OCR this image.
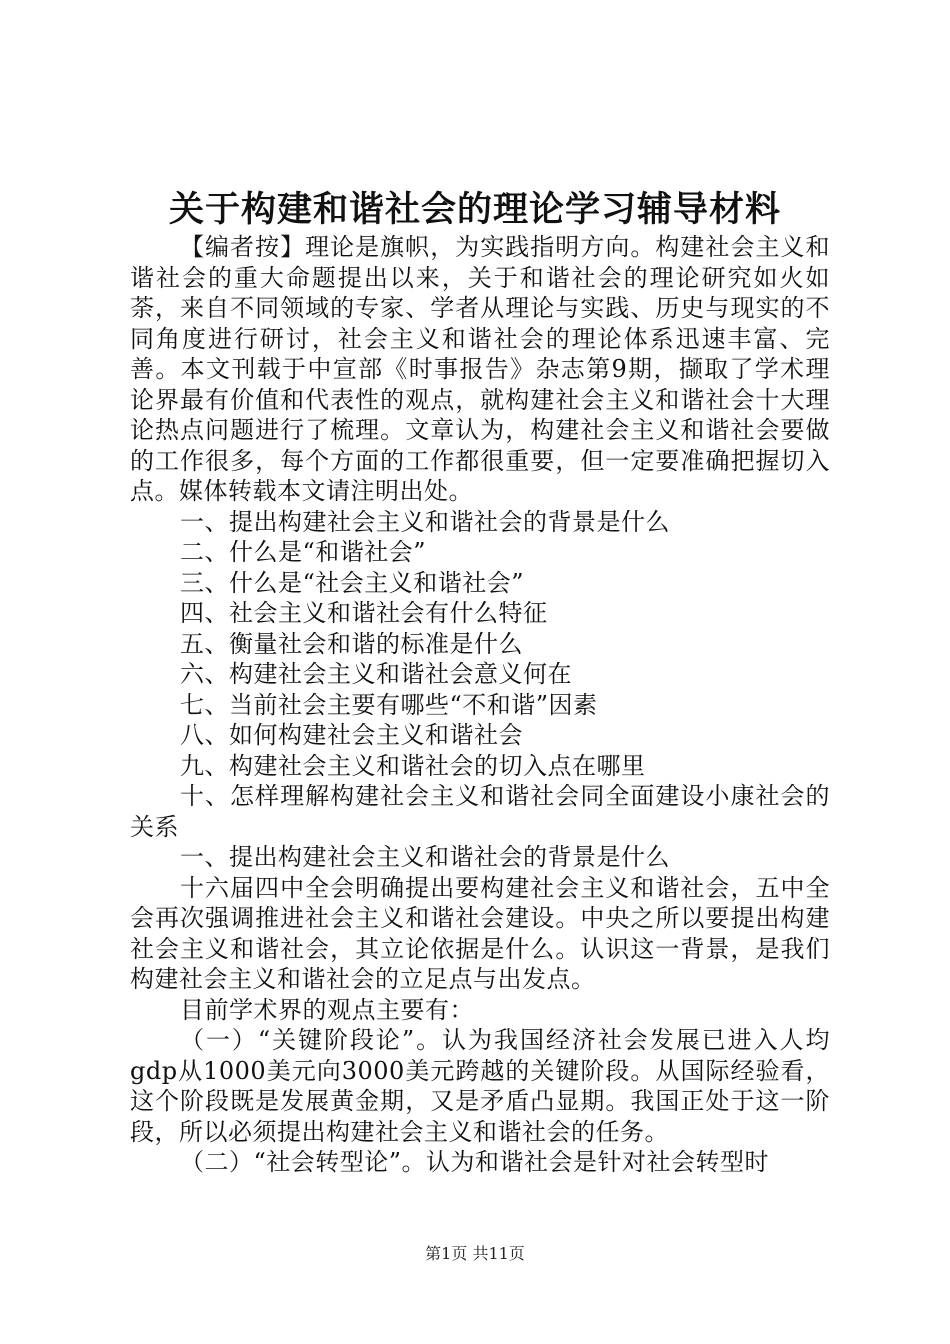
关于构建和谐社会的理论学习辅导材料

【编者按】理论是旗帜，为实践指明方向。构建社会主义和谐社会的重大命题提出以来，关于和谐社会的理论研究如火如荼，来自不同领域的专家、学者从理论与实践、历史与现实的不同角度进行研讨，社会主义和谐社会的理论体系迅速丰富、完善。本文刊载于中宣部《时事报告》杂志第9期，撷取了学术理论界最有价值和代表性的观点，就构建社会主义和谐社会十大理论热点问题进行了梳理。文章认为，构建社会主义和谐社会要做的工作很多，每个方面的工作都很重要，但一定要准确把握切入点。媒体转载本文请注明出处。

一、提出构建社会主义和谐社会的背景是什么

二、什么是“和谐社会”

三、什么是“社会主义和谐社会”

四、社会主义和谐社会有什么特征

五、衡量社会和谐的标准是什么

六、构建社会主义和谐社会意义何在

七、当前社会主要有哪些“不和谐”因素

八、如何构建社会主义和谐社会

九、构建社会主义和谐社会的切入点在哪里

十、怎样理解构建社会主义和谐社会同全面建设小康社会的关系

一、提出构建社会主义和谐社会的背景是什么

十六届四中全会明确提出要构建社会主义和谐社会，五中全会再次强调推进社会主义和谐社会建设。中央之所以要提出构建社会主义和谐社会，其立论依据是什么。认识这一背景，是我们构建社会主义和谐社会的立足点与出发点。

目前学术界的观点主要有：

（一）“关键阶段论”。认为我国经济社会发展已进入人均gdp从1000美元向3000美元跨越的关键阶段。从国际经验看，这个阶段既是发展黄金期，又是矛盾凸显期。我国正处于这一阶段，所以必须提出构建社会主义和谐社会的任务。

（二）“社会转型论”。认为和谐社会是针对社会转型时

第1页 共11页
